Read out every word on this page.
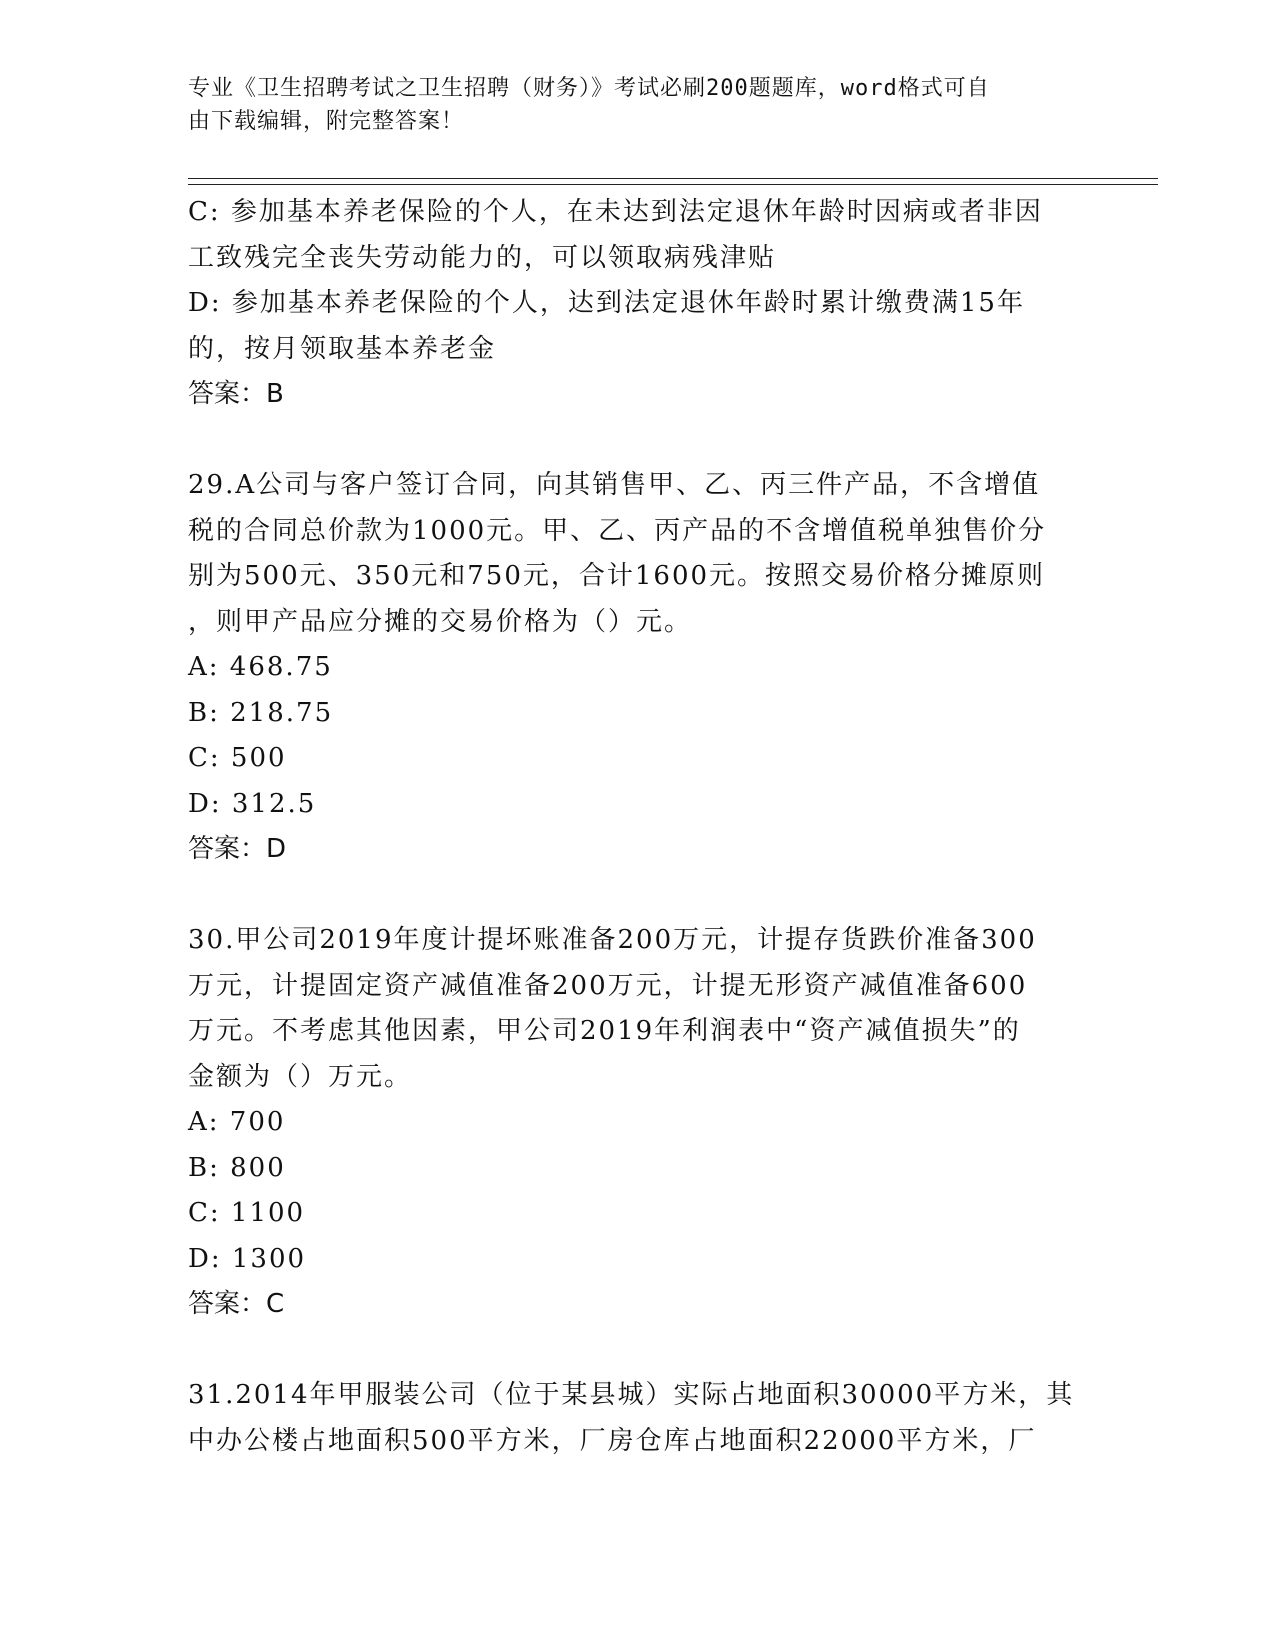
专业《卫生招聘考试之卫生招聘（财务）》考试必刷200题题库，word格式可自
由下载编辑，附完整答案！
C: 参加基本养老保险的个人，在未达到法定退休年龄时因病或者非因
工致残完全丧失劳动能力的，可以领取病残津贴
D: 参加基本养老保险的个人，达到法定退休年龄时累计缴费满15年
的，按月领取基本养老金
答案：B
29.A公司与客户签订合同，向其销售甲、乙、丙三件产品，不含增值
税的合同总价款为1000元。甲、乙、丙产品的不含增值税单独售价分
别为500元、350元和750元，合计1600元。按照交易价格分摊原则
，则甲产品应分摊的交易价格为（）元。
A: 468.75
B: 218.75
C: 500
D: 312.5
答案：D
30.甲公司2019年度计提坏账准备200万元，计提存货跌价准备300
万元，计提固定资产减值准备200万元，计提无形资产减值准备600
万元。不考虑其他因素，甲公司2019年利润表中“资产减值损失”的
金额为（）万元。
A: 700
B: 800
C: 1100
D: 1300
答案：C
31.2014年甲服装公司（位于某县城）实际占地面积30000平方米，其
中办公楼占地面积500平方米，厂房仓库占地面积22000平方米，厂
